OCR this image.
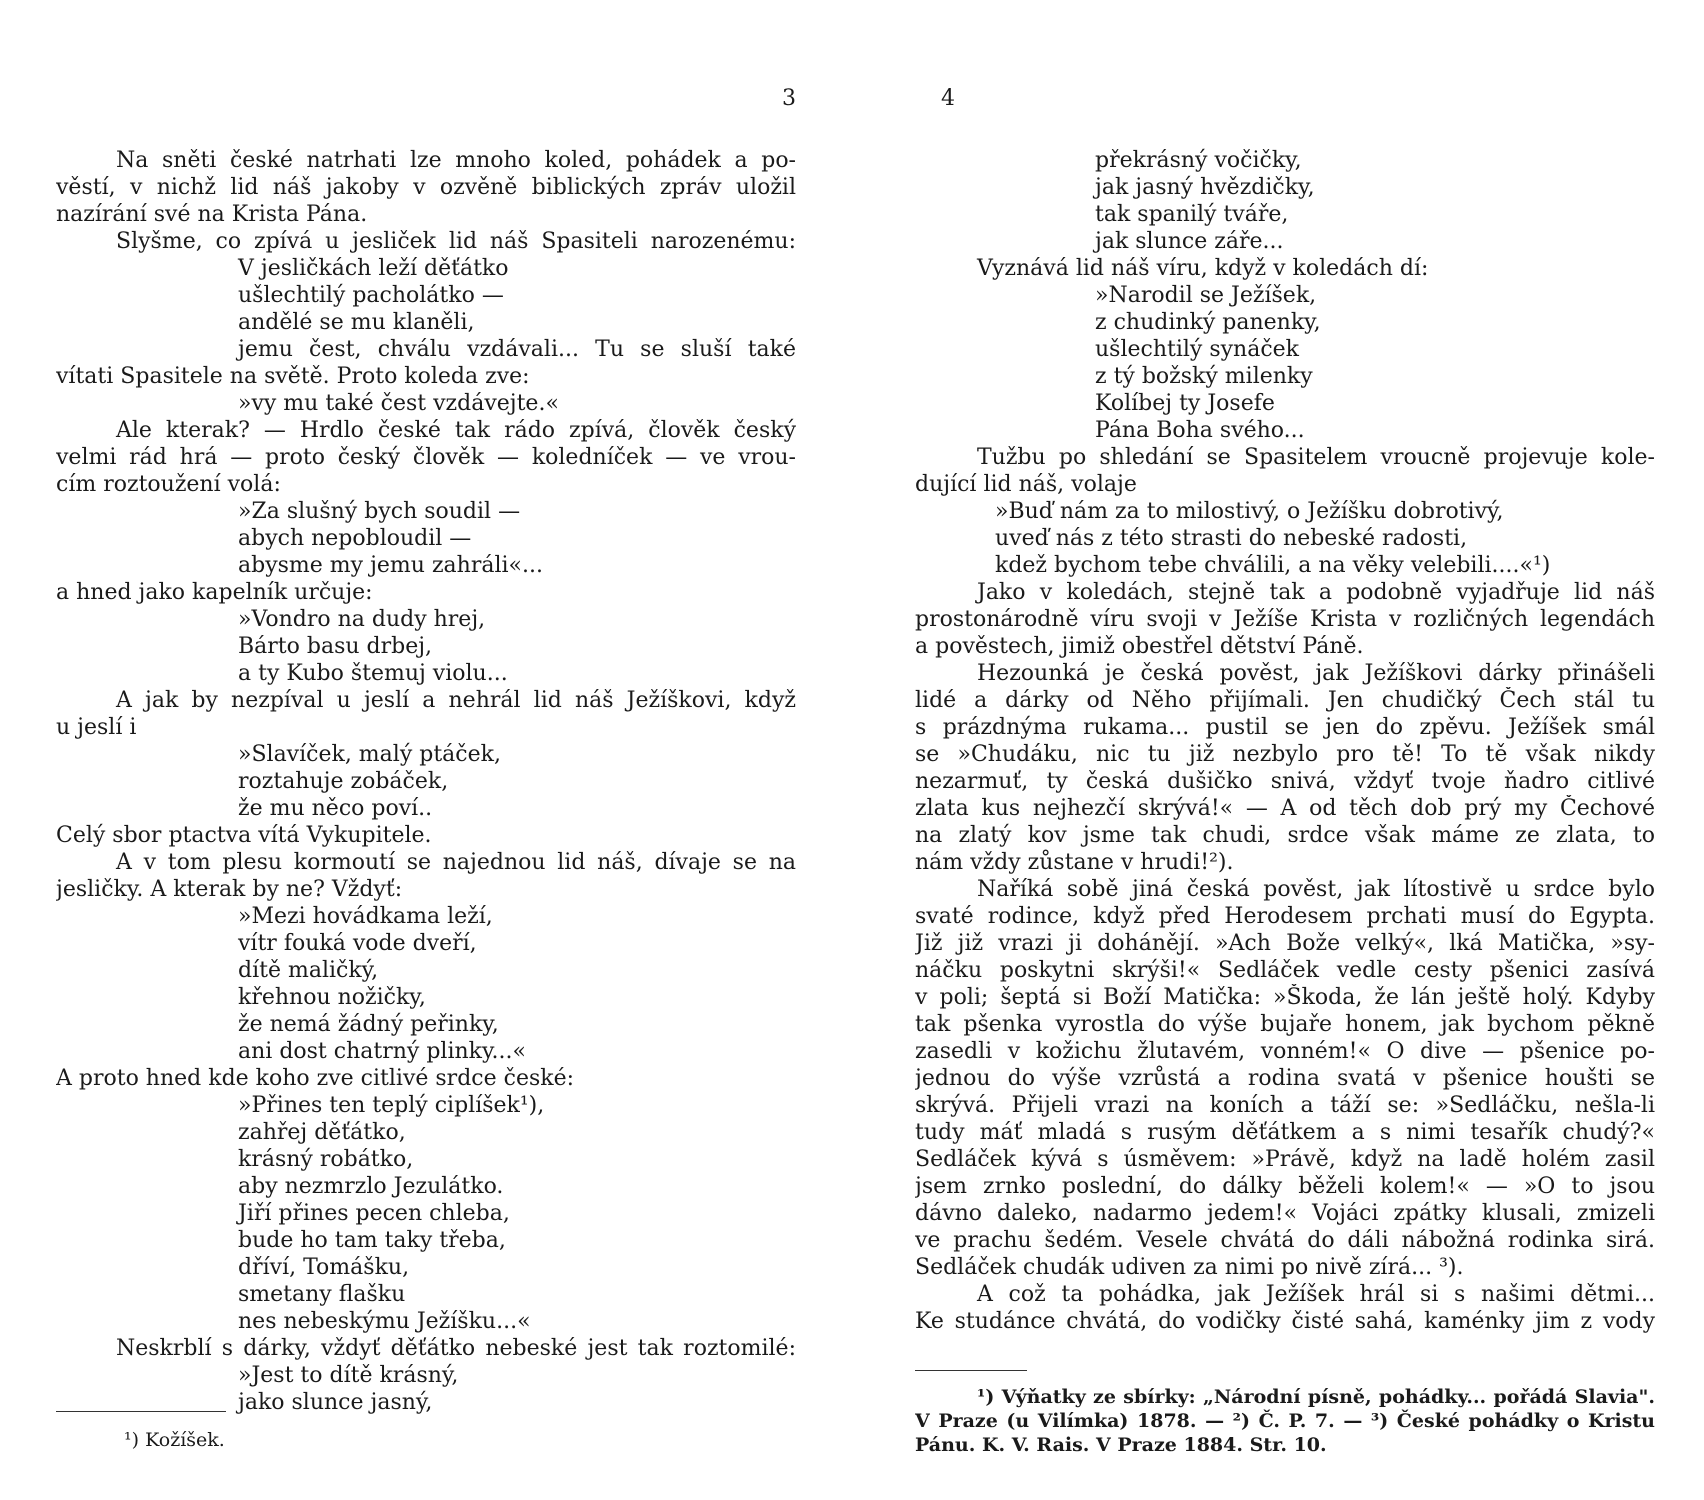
3
Na sněti české natrhati lze mnoho koled, pohádek a po-
věstí, v nichž lid náš jakoby v ozvěně biblických zpráv uložil
nazírání své na Krista Pána.
Slyšme, co zpívá u jesliček lid náš Spasiteli narozenému:
V jesličkách leží děťátko
ušlechtilý pacholátko —
andělé se mu klaněli,
jemu čest, chválu vzdávali... Tu se sluší také
vítati Spasitele na světě. Proto koleda zve:
»vy mu také čest vzdávejte.«
Ale kterak? — Hrdlo české tak rádo zpívá, člověk český
velmi rád hrá — proto český člověk — koledníček — ve vrou-
cím roztoužení volá:
»Za slušný bych soudil —
abych nepobloudil —
abysme my jemu zahráli«...
a hned jako kapelník určuje:
»Vondro na dudy hrej,
Bárto basu drbej,
a ty Kubo štemuj violu...
A jak by nezpíval u jeslí a nehrál lid náš Ježíškovi, když
u jeslí i
»Slavíček, malý ptáček,
roztahuje zobáček,
že mu něco poví..
Celý sbor ptactva vítá Vykupitele.
A v tom plesu kormoutí se najednou lid náš, dívaje se na
jesličky. A kterak by ne? Vždyť:
»Mezi hovádkama leží,
vítr fouká vode dveří,
dítě maličký,
křehnou nožičky,
že nemá žádný peřinky,
ani dost chatrný plinky...«
A proto hned kde koho zve citlivé srdce české:
»Přines ten teplý ciplíšek¹),
zahřej děťátko,
krásný robátko,
aby nezmrzlo Jezulátko.
Jiří přines pecen chleba,
bude ho tam taky třeba,
dříví, Tomášku,
smetany flašku
nes nebeskýmu Ježíšku...«
Neskrblí s dárky, vždyť děťátko nebeské jest tak roztomilé:
»Jest to dítě krásný,
jako slunce jasný,
¹) Kožíšek.
4
překrásný vočičky,
jak jasný hvězdičky,
tak spanilý tváře,
jak slunce záře...
Vyznává lid náš víru, když v koledách dí:
»Narodil se Ježíšek,
z chudinký panenky,
ušlechtilý synáček
z tý božský milenky
Kolíbej ty Josefe
Pána Boha svého...
Tužbu po shledání se Spasitelem vroucně projevuje kole-
dující lid náš, volaje
»Buď nám za to milostivý, o Ježíšku dobrotivý,
uveď nás z této strasti do nebeské radosti,
kdež bychom tebe chválili, a na věky velebili....«¹)
Jako v koledách, stejně tak a podobně vyjadřuje lid náš
prostonárodně víru svoji v Ježíše Krista v rozličných legendách
a pověstech, jimiž obestřel dětství Páně.
Hezounká je česká pověst, jak Ježíškovi dárky přinášeli
lidé a dárky od Něho přijímali. Jen chudičký Čech stál tu
s prázdnýma rukama... pustil se jen do zpěvu. Ježíšek smál
se »Chudáku, nic tu již nezbylo pro tě! To tě však nikdy
nezarmuť, ty česká dušičko snivá, vždyť tvoje ňadro citlivé
zlata kus nejhezčí skrývá!« — A od těch dob prý my Čechové
na zlatý kov jsme tak chudi, srdce však máme ze zlata, to
nám vždy zůstane v hrudi!²).
Naříká sobě jiná česká pověst, jak lítostivě u srdce bylo
svaté rodince, když před Herodesem prchati musí do Egypta.
Již již vrazi ji dohánějí. »Ach Bože velký«, lká Matička, »sy-
náčku poskytni skrýši!« Sedláček vedle cesty pšenici zasívá
v poli; šeptá si Boží Matička: »Škoda, že lán ještě holý. Kdyby
tak pšenka vyrostla do výše bujaře honem, jak bychom pěkně
zasedli v kožichu žlutavém, vonném!« O dive — pšenice po-
jednou do výše vzrůstá a rodina svatá v pšenice houšti se
skrývá. Přijeli vrazi na koních a táží se: »Sedláčku, nešla-li
tudy máť mladá s rusým děťátkem a s nimi tesařík chudý?«
Sedláček kývá s úsměvem: »Právě, když na ladě holém zasil
jsem zrnko poslední, do dálky běželi kolem!« — »O to jsou
dávno daleko, nadarmo jedem!« Vojáci zpátky klusali, zmizeli
ve prachu šedém. Vesele chvátá do dáli nábožná rodinka sirá.
Sedláček chudák udiven za nimi po nivě zírá... ³).
A což ta pohádka, jak Ježíšek hrál si s našimi dětmi...
Ke studánce chvátá, do vodičky čisté sahá, kaménky jim z vody
¹) Výňatky ze sbírky: „Národní písně, pohádky... pořádá Slavia".
V Praze (u Vilímka) 1878. — ²) Č. P. 7. — ³) České pohádky o Kristu
Pánu. K. V. Rais. V Praze 1884. Str. 10.
